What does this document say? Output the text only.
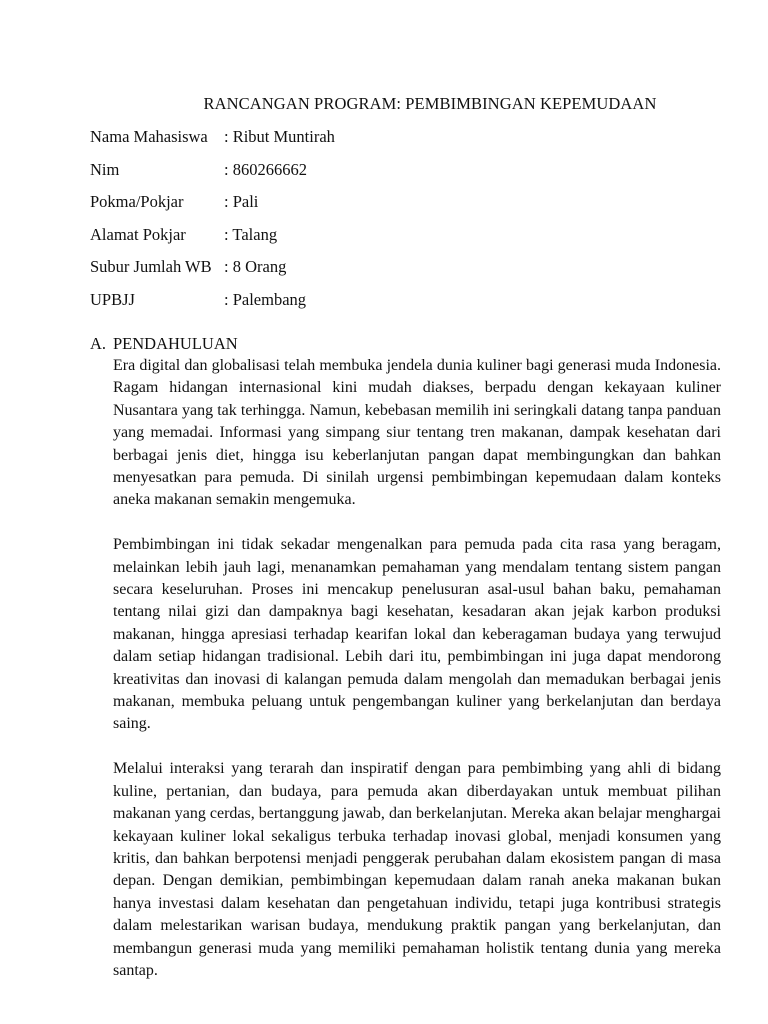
RANCANGAN PROGRAM: PEMBIMBINGAN KEPEMUDAAN
Nama Mahasiswa : Ribut Muntirah
Nim	: 860266662
Pokma/Pokjar	: Pali
Alamat Pokjar	: Talang
Subur Jumlah WB : 8 Orang
UPBJJ	: Palembang
A. PENDAHULUAN

Era digital dan globalisasi telah membuka jendela dunia kuliner bagi generasi muda Indonesia. Ragam hidangan internasional kini mudah diakses, berpadu dengan kekayaan kuliner Nusantara yang tak terhingga. Namun, kebebasan memilih ini seringkali datang tanpa panduan yang memadai. Informasi yang simpang siur tentang tren makanan, dampak kesehatan dari berbagai jenis diet, hingga isu keberlanjutan pangan dapat membingungkan dan bahkan menyesatkan para pemuda. Di sinilah urgensi pembimbingan kepemudaan dalam konteks aneka makanan semakin mengemuka.

Pembimbingan ini tidak sekadar mengenalkan para pemuda pada cita rasa yang beragam, melainkan lebih jauh lagi, menanamkan pemahaman yang mendalam tentang sistem pangan secara keseluruhan. Proses ini mencakup penelusuran asal-usul bahan baku, pemahaman tentang nilai gizi dan dampaknya bagi kesehatan, kesadaran akan jejak karbon produksi makanan, hingga apresiasi terhadap kearifan lokal dan keberagaman budaya yang terwujud dalam setiap hidangan tradisional. Lebih dari itu, pembimbingan ini juga dapat mendorong kreativitas dan inovasi di kalangan pemuda dalam mengolah dan memadukan berbagai jenis makanan, membuka peluang untuk pengembangan kuliner yang berkelanjutan dan berdaya saing.

Melalui interaksi yang terarah dan inspiratif dengan para pembimbing yang ahli di bidang kuline, pertanian, dan budaya, para pemuda akan diberdayakan untuk membuat pilihan makanan yang cerdas, bertanggung jawab, dan berkelanjutan. Mereka akan belajar menghargai kekayaan kuliner lokal sekaligus terbuka terhadap inovasi global, menjadi konsumen yang kritis, dan bahkan berpotensi menjadi penggerak perubahan dalam ekosistem pangan di masa depan. Dengan demikian, pembimbingan kepemudaan dalam ranah aneka makanan bukan hanya investasi dalam kesehatan dan pengetahuan individu, tetapi juga kontribusi strategis dalam melestarikan warisan budaya, mendukung praktik pangan yang berkelanjutan, dan membangun generasi muda yang memiliki pemahaman holistik tentang dunia yang mereka santap.
